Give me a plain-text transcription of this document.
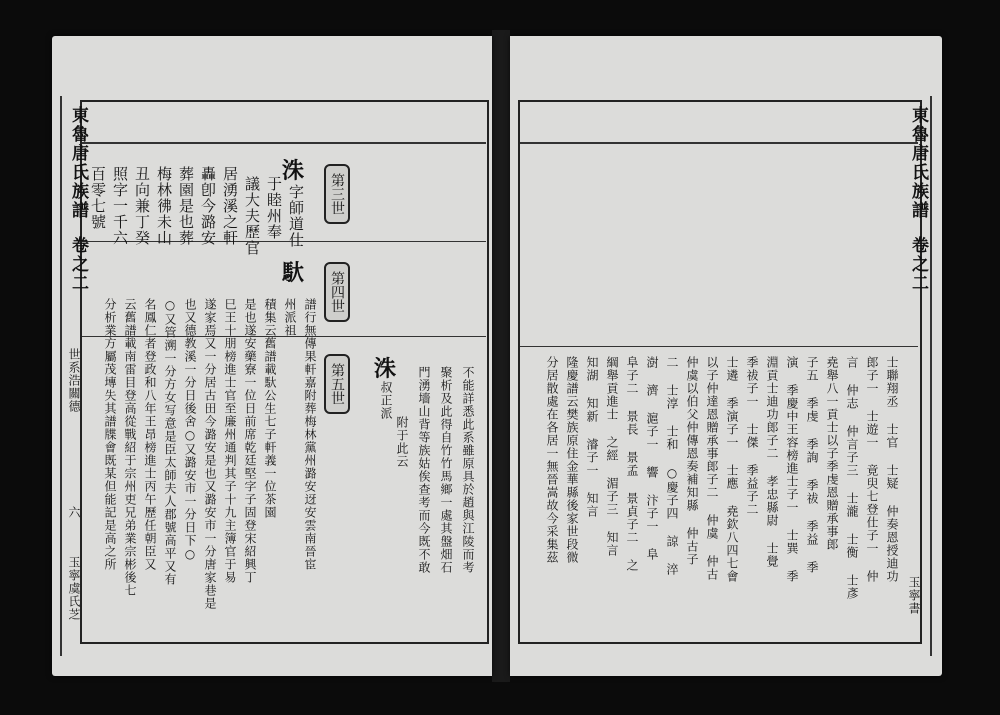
東魯唐氏族譜
卷之二
世系浩關德
六
玉寧虞氏芝
第三世
第四世
第五世
洙
字師道仕
于睦州奉
議大夫歷官
居湧溪之軒
轟卽今潞安
葬園是也葬
梅林彿未山
丑向兼丁癸
照字一千六
百零七號
馱
譜行無傳果軒嘉附葬梅林黨州潞安迓安雲南晉宦
州派祖
積集云舊譜載馱公生七子軒義一位茶園
是也遂安藥寮一位日前席乾廷堅字子固登宋紹興丁
巳王十朋榜進士官至廉州通判其子十九主簿官于易
遂家焉又一分居古田今潞安是也又潞安市一分唐家巷是
也又德教溪一分日後舍○又潞安市一分日下○
○又管溯一分方女写意是臣太師夫人郡號高平又有
名鳳仁者登政和八年王昂榜進士丙午歷任朝臣又
云舊譜載南雷目登高從戰紹于宗州吏兄弟業宗彬後七
分析業方屬茂塼失其譜牒會既某但能記是高之所	洙
叔正派	不能詳悉此系雖原具於趙與江陵而考
聚析及此得自竹竹馬鄉一處其盤畑石
門湧墻山背等族姑俟查考而今既不敢
附于此云
東魯唐氏族譜
卷之二
玉寧書
士聯翔丞 士官 士疑 仲奏恩授迪功
郎子一 士遊一 竟臾七登仕子一 仲
言 仲志 仲言子三 士瀧 士衡 士彥
堯舉八一貢士以子季虔恩贈承事郎
子五 季虔 季詢 季祓 季益 季
演 季慶中王容榜進士子一 士巽 季
淵貢士迪功郎子二 孝忠縣尉 士覺
季祓子一 士傑 季益子二
士遴 季演子一 士應 堯欽八四七會
以子仲達恩贈承事郎子二 仲虞 仲古
仲虞以伯父仲傳恩奏補知縣 仲古子
二 士淳 士和 ○慶子四 諒 淬
澍 濟 滬子一 響 汴子一 阜
阜子二 景長 景孟 景貞子二 之
綱舉貢進士 之經 湄子三 知言
知湖 知新 濬子一 知言
隆慶譜云樊族原住金華縣後家世段微
分居散處在各居一無晉嵩故今采集茲
